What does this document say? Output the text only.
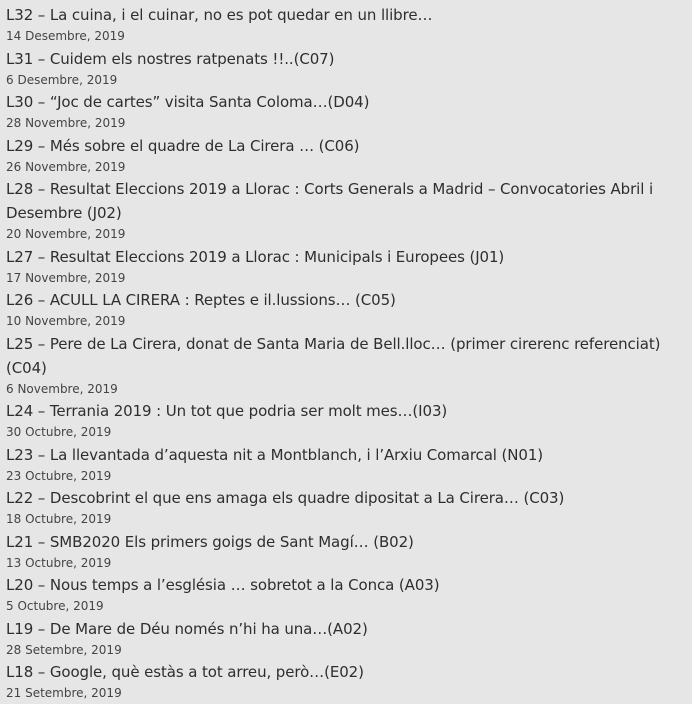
L32 – La cuina, i el cuinar, no es pot quedar en un llibre…
14 Desembre, 2019
L31 – Cuidem els nostres ratpenats !!..(C07)
6 Desembre, 2019
L30 – “Joc de cartes” visita Santa Coloma…(D04)
28 Novembre, 2019
L29 – Més sobre el quadre de La Cirera … (C06)
26 Novembre, 2019
L28 – Resultat Eleccions 2019 a Llorac : Corts Generals a Madrid – Convocatories Abril i Desembre (J02)
20 Novembre, 2019
L27 – Resultat Eleccions 2019 a Llorac : Municipals i Europees (J01)
17 Novembre, 2019
L26 – ACULL LA CIRERA : Reptes e il.lussions… (C05)
10 Novembre, 2019
L25 – Pere de La Cirera, donat de Santa Maria de Bell.lloc… (primer cirerenc referenciat)(C04)
6 Novembre, 2019
L24 – Terrania 2019 : Un tot que podria ser molt mes…(I03)
30 Octubre, 2019
L23 – La llevantada d’aquesta nit a Montblanch, i l’Arxiu Comarcal (N01)
23 Octubre, 2019
L22 – Descobrint el que ens amaga els quadre dipositat a La Cirera… (C03)
18 Octubre, 2019
L21 – SMB2020 Els primers goigs de Sant Magí… (B02)
13 Octubre, 2019
L20 – Nous temps a l’església … sobretot a la Conca (A03)
5 Octubre, 2019
L19 – De Mare de Déu només n’hi ha una…(A02)
28 Setembre, 2019
L18 – Google, què estàs a tot arreu, però…(E02)
21 Setembre, 2019
